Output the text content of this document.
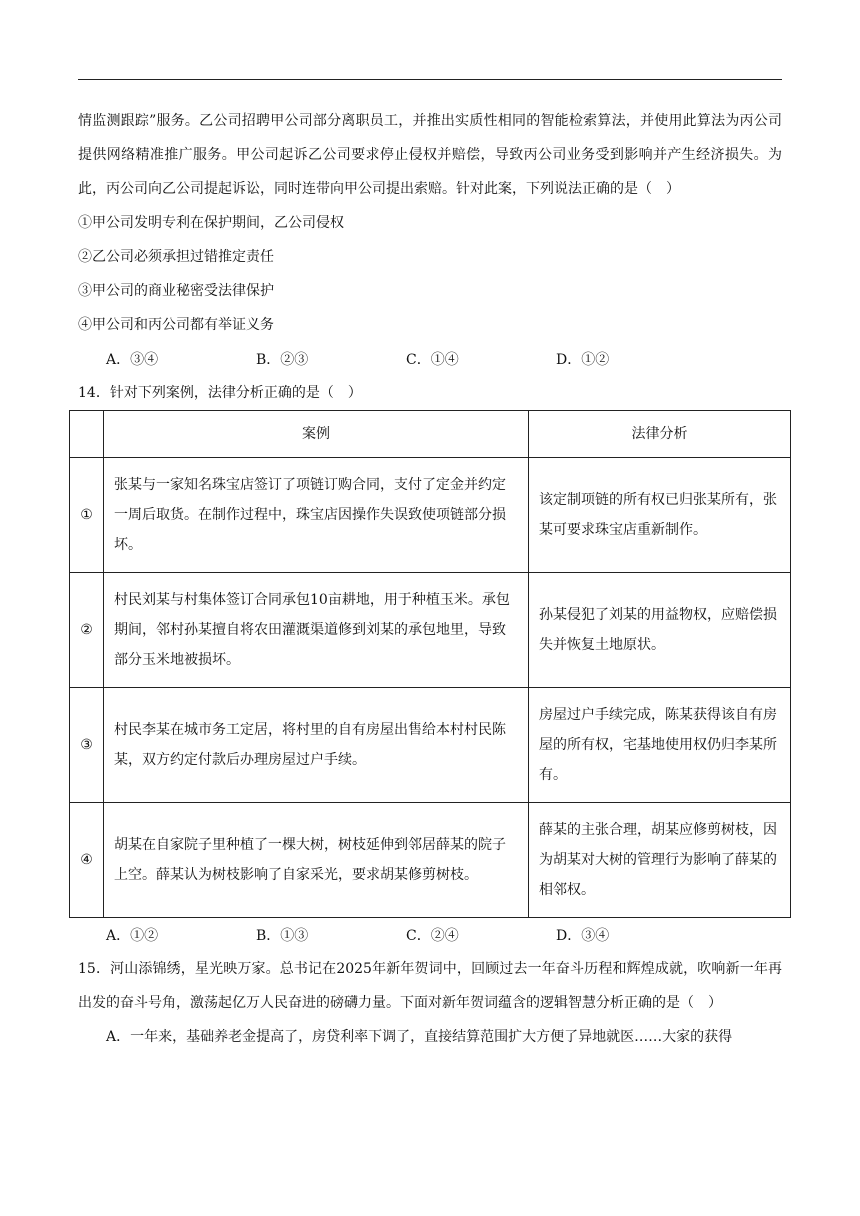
情监测跟踪”服务。乙公司招聘甲公司部分离职员工，并推出实质性相同的智能检索算法，并使用此算法为丙公司提供网络精准推广服务。甲公司起诉乙公司要求停止侵权并赔偿，导致丙公司业务受到影响并产生经济损失。为此，丙公司向乙公司提起诉讼，同时连带向甲公司提出索赔。针对此案，下列说法正确的是（　）

①甲公司发明专利在保护期间，乙公司侵权

②乙公司必须承担过错推定责任

③甲公司的商业秘密受法律保护

④甲公司和丙公司都有举证义务

A．③④	B．②③	C．①④	D．①②

14．针对下列案例，法律分析正确的是（　）

	案例	法律分析
①	张某与一家知名珠宝店签订了项链订购合同，支付了定金并约定一周后取货。在制作过程中，珠宝店因操作失误致使项链部分损坏。	该定制项链的所有权已归张某所有，张某可要求珠宝店重新制作。
②	村民刘某与村集体签订合同承包10亩耕地，用于种植玉米。承包期间，邻村孙某擅自将农田灌溉渠道修到刘某的承包地里，导致部分玉米地被损坏。	孙某侵犯了刘某的用益物权，应赔偿损失并恢复土地原状。
③	村民李某在城市务工定居，将村里的自有房屋出售给本村村民陈某，双方约定付款后办理房屋过户手续。	房屋过户手续完成，陈某获得该自有房屋的所有权，宅基地使用权仍归李某所有。
④	胡某在自家院子里种植了一棵大树，树枝延伸到邻居薛某的院子上空。薛某认为树枝影响了自家采光，要求胡某修剪树枝。	薛某的主张合理，胡某应修剪树枝，因为胡某对大树的管理行为影响了薛某的相邻权。
A．①②	B．①③	C．②④	D．③④

15．河山添锦绣，星光映万家。总书记在2025年新年贺词中，回顾过去一年奋斗历程和辉煌成就，吹响新一年再出发的奋斗号角，激荡起亿万人民奋进的磅礴力量。下面对新年贺词蕴含的逻辑智慧分析正确的是（　）

A．一年来，基础养老金提高了，房贷利率下调了，直接结算范围扩大方便了异地就医……大家的获得
